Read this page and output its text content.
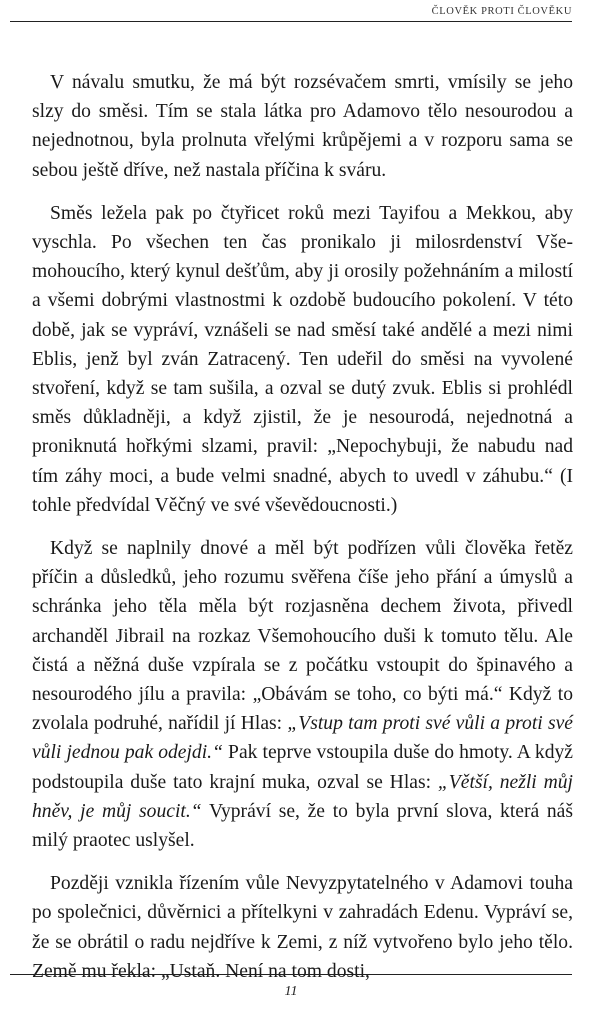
ČLOVĚK PROTI ČLOVĚKU

V návalu smutku, že má být rozsévačem smrti, vmísily se jeho slzy do směsi. Tím se stala látka pro Adamovo tělo nesourodou a nejednotnou, byla prolnuta vřelými krůpějemi a v rozporu sama se sebou ještě dříve, než nastala příčina k sváru.

Směs ležela pak po čtyřicet roků mezi Tayifou a Mekkou, aby vyschla. Po všechen ten čas pronikalo ji milosrdenství Všemohoucího, který kynul dešťům, aby ji orosily požehnáním a milostí a všemi dobrými vlastnostmi k ozdobě budoucího pokolení. V této době, jak se vypráví, vznášeli se nad směsí také andělé a mezi nimi Eblis, jenž byl zván Zatracený. Ten udeřil do směsi na vyvolené stvoření, když se tam sušila, a ozval se dutý zvuk. Eblis si prohlédl směs důkladněji, a když zjistil, že je nesourodá, nejednotná a proniknutá hořkými slzami, pravil: „Nepochybuji, že nabudu nad tím záhy moci, a bude velmi snadné, abych to uvedl v záhubu.“ (I tohle předvídal Věčný ve své vševědoucnosti.)

Když se naplnily dnové a měl být podřízen vůli člověka řetěz příčin a důsledků, jeho rozumu svěřena číše jeho přání a úmyslů a schránka jeho těla měla být rozjasněna dechem života, přivedl archanděl Jibrail na rozkaz Všemohoucího duši k tomuto tělu. Ale čistá a něžná duše vzpírala se z počátku vstoupit do špinavého a nesourodého jílu a pravila: „Obávám se toho, co býti má.“ Když to zvolala podruhé, nařídil jí Hlas: „Vstup tam proti své vůli a proti své vůli jednou pak odejdi.“ Pak teprve vstoupila duše do hmoty. A když podstoupila duše tato krajní muka, ozval se Hlas: „Větší, nežli můj hněv, je můj soucit.“ Vypráví se, že to byla první slova, která náš milý praotec uslyšel.

Později vznikla řízením vůle Nevyzpytatelného v Adamovi touha po společnici, důvěrnici a přítelkyni v zahradách Edenu. Vypráví se, že se obrátil o radu nejdříve k Zemi, z níž vytvořeno bylo jeho tělo. Země mu řekla: „Ustaň. Není na tom dosti,

11
